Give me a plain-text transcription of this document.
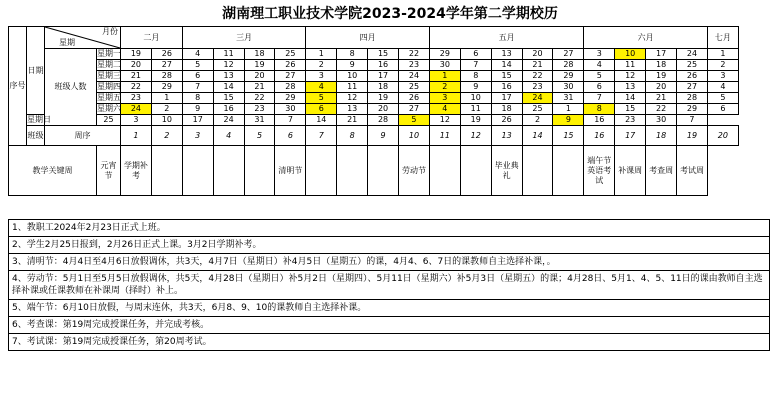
湖南理工职业技术学院2023-2024学年第二学期校历
序号	日期	月份
星期		二月		三月				四月				五月					六月				七月

		班级人数	星期一	19	26	4	11	18	25	1	8	15	22	29	6	13	20	27	3	10	17	24	1
			星期二	20	27	5	12	19	26	2	9	16	23	30	7	14	21	28	4	11	18	25	2
			星期三	21	28	6	13	20	27	3	10	17	24	1	8	15	22	29	5	12	19	26	3
			星期四	22	29	7	14	21	28	4	11	18	25	2	9	16	23	30	6	13	20	27	4
			星期五	23	1	8	15	22	29	5	12	19	26	3	10	17	24	31	7	14	21	28	5
			星期六	24	2	9	16	23	30	6	13	20	27	4	11	18	25	1	8	15	22	29	6
	星期日		25	3	10	17	24	31	7	14	21	28	5	12	19	26	2	9	16	23	30	7	
	班级	周序		1	2	3	4	5	6	7	8	9	10	11	12	13	14	15	16	17	18	19	20
教学关键周			元宵节	学期补考					清明节				劳动节			毕业典礼			端午节英语考试	补课周	考查周	考试周	
1、教职工2024年2月23日正式上班。
2、学生2月25日报到，2月26日正式上课。3月2日学期补考。
3、清明节：4月4日至4月6日放假调休，共3天，4月7日（星期日）补4月5日（星期五）的课，4月4、6、7日的课教师自主选择补课，。
4、劳动节：5月1日至5月5日放假调休，共5天，4月28日（星期日）补5月2日（星期四）、5月11日（星期六）补5月3日（星期五）的课；4月28日、5月1、4、5、11日的课由教师自主选择补课或任课教师在补课周（择时）补上。
5、端午节：6月10日放假，与周末连休，共3天，6月8、9、10的课教师自主选择补课。
6、考查课：第19周完成授课任务，并完成考核。
7、考试课：第19周完成授课任务，第20周考试。
